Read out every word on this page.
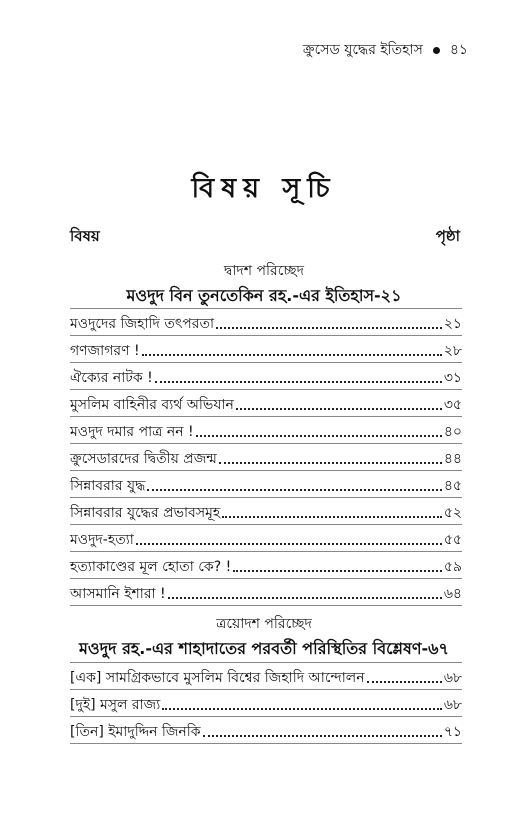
ক্রুসেড যুদ্ধের ইতিহাস ৪১
বিষয় সূচি
বিষয়	পৃষ্ঠা
দ্বাদশ পরিচ্ছেদ
মওদুদ বিন তুনতেকিন রহ.-এর ইতিহাস-২১
মওদুদের জিহাদি তৎপরতা	২১
গণজাগরণ !	২৮
ঐক্যের নাটক !	৩১
মুসলিম বাহিনীর ব্যর্থ অভিযান	৩৫
মওদুদ দমার পাত্র নন !	৪০
ক্রুসেডারদের দ্বিতীয় প্রজন্ম	৪৪
সিন্নাবরার যুদ্ধ	৪৫
সিন্নাবরার যুদ্ধের প্রভাবসমূহ	৫২
মওদুদ-হত্যা	৫৫
হত্যাকাণ্ডের মূল হোতা কে? !	৫৯
আসমানি ইশারা !	৬৪
ত্রয়োদশ পরিচ্ছেদ
মওদুদ রহ.-এর শাহাদাতের পরবর্তী পরিস্থিতির বিশ্লেষণ-৬৭
[এক] সামগ্রিকভাবে মুসলিম বিশ্বের জিহাদি আন্দোলন	৬৮
[দুই] মসুল রাজ্য	৬৮
[তিন] ইমাদুদ্দিন জিনকি	৭১
